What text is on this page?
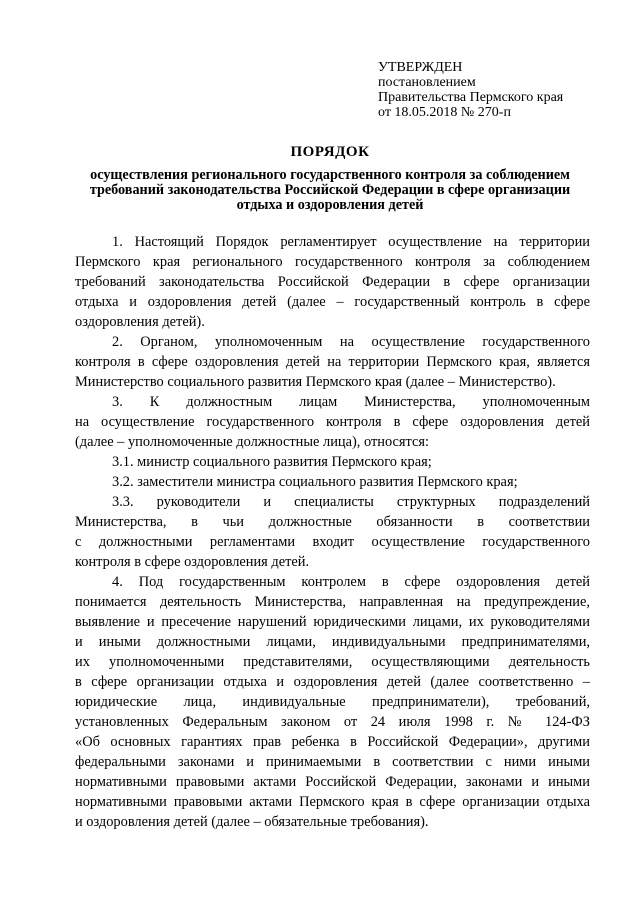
УТВЕРЖДЕН
постановлением
Правительства Пермского края
от 18.05.2018 № 270-п
ПОРЯДОК
осуществления регионального государственного контроля за соблюдением
требований законодательства Российской Федерации в сфере организации
отдыха и оздоровления детей
1. Настоящий Порядок регламентирует осуществление на территории
Пермского края регионального государственного контроля за соблюдением
требований законодательства Российской Федерации в сфере организации
отдыха и оздоровления детей (далее – государственный контроль в сфере
оздоровления детей).
2. Органом, уполномоченным на осуществление государственного
контроля в сфере оздоровления детей на территории Пермского края, является
Министерство социального развития Пермского края (далее – Министерство).
3. К должностным лицам Министерства, уполномоченным
на осуществление государственного контроля в сфере оздоровления детей
(далее – уполномоченные должностные лица), относятся:
3.1. министр социального развития Пермского края;
3.2. заместители министра социального развития Пермского края;
3.3. руководители и специалисты структурных подразделений
Министерства, в чьи должностные обязанности в соответствии
с должностными регламентами входит осуществление государственного
контроля в сфере оздоровления детей.
4. Под государственным контролем в сфере оздоровления детей
понимается деятельность Министерства, направленная на предупреждение,
выявление и пресечение нарушений юридическими лицами, их руководителями
и иными должностными лицами, индивидуальными предпринимателями,
их уполномоченными представителями, осуществляющими деятельность
в сфере организации отдыха и оздоровления детей (далее соответственно –
юридические лица, индивидуальные предприниматели), требований,
установленных Федеральным законом от 24 июля 1998 г. № 124-ФЗ
«Об основных гарантиях прав ребенка в Российской Федерации», другими
федеральными законами и принимаемыми в соответствии с ними иными
нормативными правовыми актами Российской Федерации, законами и иными
нормативными правовыми актами Пермского края в сфере организации отдыха
и оздоровления детей (далее – обязательные требования).
